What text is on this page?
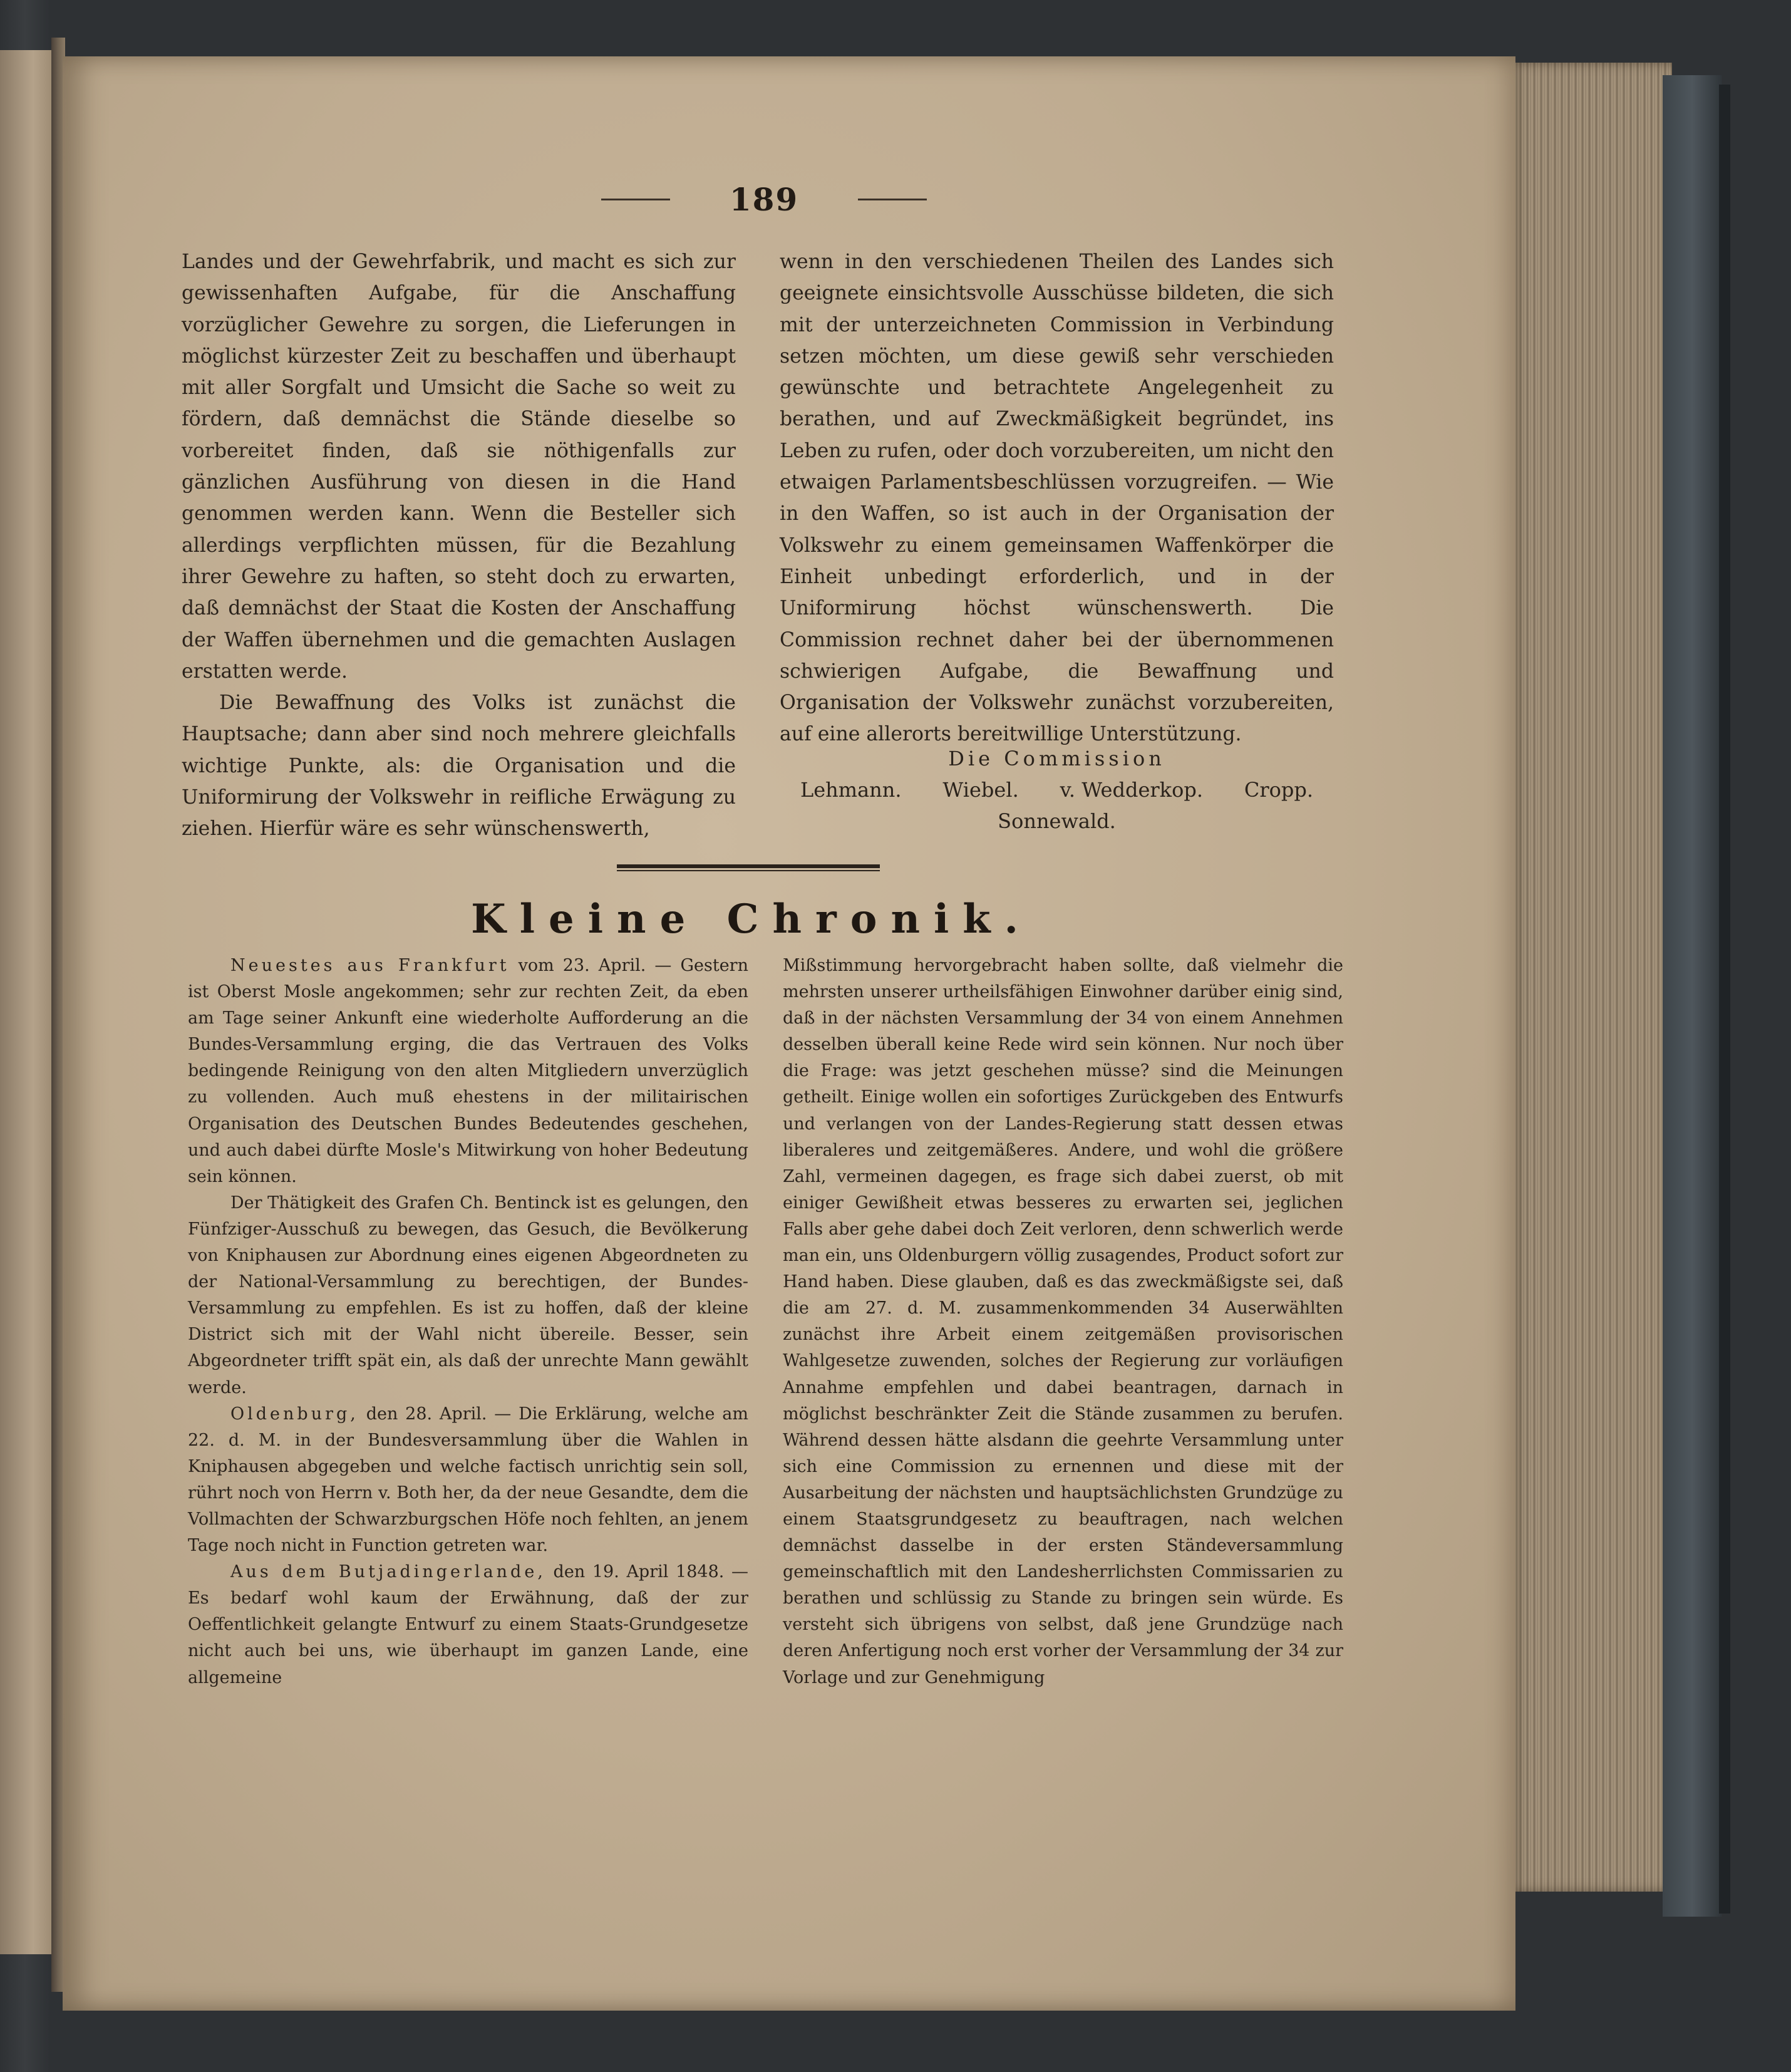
189

Landes und der Gewehrfabrik, und macht es sich zur gewissenhaften Aufgabe, für die Anschaffung vorzüglicher Gewehre zu sorgen, die Lieferungen in möglichst kürzester Zeit zu beschaffen und überhaupt mit aller Sorgfalt und Umsicht die Sache so weit zu fördern, daß demnächst die Stände dieselbe so vorbereitet finden, daß sie nöthigenfalls zur gänzlichen Ausführung von diesen in die Hand genommen werden kann. Wenn die Besteller sich allerdings verpflichten müssen, für die Bezahlung ihrer Gewehre zu haften, so steht doch zu erwarten, daß demnächst der Staat die Kosten der Anschaffung der Waffen übernehmen und die gemachten Auslagen erstatten werde.

Die Bewaffnung des Volks ist zunächst die Hauptsache; dann aber sind noch mehrere gleichfalls wichtige Punkte, als: die Organisation und die Uniformirung der Volkswehr in reifliche Erwägung zu ziehen. Hierfür wäre es sehr wünschenswerth,

wenn in den verschiedenen Theilen des Landes sich geeignete einsichtsvolle Ausschüsse bildeten, die sich mit der unterzeichneten Commission in Verbindung setzen möchten, um diese gewiß sehr verschieden gewünschte und betrachtete Angelegenheit zu berathen, und auf Zweckmäßigkeit begründet, ins Leben zu rufen, oder doch vorzubereiten, um nicht den etwaigen Parlamentsbeschlüssen vorzugreifen. — Wie in den Waffen, so ist auch in der Organisation der Volkswehr zu einem gemeinsamen Waffenkörper die Einheit unbedingt erforderlich, und in der Uniformirung höchst wünschenswerth. Die Commission rechnet daher bei der übernommenen schwierigen Aufgabe, die Bewaffnung und Organisation der Volkswehr zunächst vorzubereiten, auf eine allerorts bereitwillige Unterstützung.

Die Commission
Lehmann. Wiebel. v. Wedderkop. Cropp.
Sonnewald.
Kleine Chronik.

Neuestes aus Frankfurt vom 23. April. — Gestern ist Oberst Mosle angekommen; sehr zur rechten Zeit, da eben am Tage seiner Ankunft eine wiederholte Aufforderung an die Bundes-Versammlung erging, die das Vertrauen des Volks bedingende Reinigung von den alten Mitgliedern unverzüglich zu vollenden. Auch muß ehestens in der militairischen Organisation des Deutschen Bundes Bedeutendes geschehen, und auch dabei dürfte Mosle's Mitwirkung von hoher Bedeutung sein können.

Der Thätigkeit des Grafen Ch. Bentinck ist es gelungen, den Fünfziger-Ausschuß zu bewegen, das Gesuch, die Bevölkerung von Kniphausen zur Abordnung eines eigenen Abgeordneten zu der National-Versammlung zu berechtigen, der Bundes-Versammlung zu empfehlen. Es ist zu hoffen, daß der kleine District sich mit der Wahl nicht übereile. Besser, sein Abgeordneter trifft spät ein, als daß der unrechte Mann gewählt werde.

Oldenburg, den 28. April. — Die Erklärung, welche am 22. d. M. in der Bundesversammlung über die Wahlen in Kniphausen abgegeben und welche factisch unrichtig sein soll, rührt noch von Herrn v. Both her, da der neue Gesandte, dem die Vollmachten der Schwarzburgschen Höfe noch fehlten, an jenem Tage noch nicht in Function getreten war.

Aus dem Butjadingerlande, den 19. April 1848. — Es bedarf wohl kaum der Erwähnung, daß der zur Oeffentlichkeit gelangte Entwurf zu einem Staats-Grundgesetze nicht auch bei uns, wie überhaupt im ganzen Lande, eine allgemeine

Mißstimmung hervorgebracht haben sollte, daß vielmehr die mehrsten unserer urtheilsfähigen Einwohner darüber einig sind, daß in der nächsten Versammlung der 34 von einem Annehmen desselben überall keine Rede wird sein können. Nur noch über die Frage: was jetzt geschehen müsse? sind die Meinungen getheilt. Einige wollen ein sofortiges Zurückgeben des Entwurfs und verlangen von der Landes-Regierung statt dessen etwas liberaleres und zeitgemäßeres. Andere, und wohl die größere Zahl, vermeinen dagegen, es frage sich dabei zuerst, ob mit einiger Gewißheit etwas besseres zu erwarten sei, jeglichen Falls aber gehe dabei doch Zeit verloren, denn schwerlich werde man ein, uns Oldenburgern völlig zusagendes, Product sofort zur Hand haben. Diese glauben, daß es das zweckmäßigste sei, daß die am 27. d. M. zusammenkommenden 34 Auserwählten zunächst ihre Arbeit einem zeitgemäßen provisorischen Wahlgesetze zuwenden, solches der Regierung zur vorläufigen Annahme empfehlen und dabei beantragen, darnach in möglichst beschränkter Zeit die Stände zusammen zu berufen. Während dessen hätte alsdann die geehrte Versammlung unter sich eine Commission zu ernennen und diese mit der Ausarbeitung der nächsten und hauptsächlichsten Grundzüge zu einem Staatsgrundgesetz zu beauftragen, nach welchen demnächst dasselbe in der ersten Ständeversammlung gemeinschaftlich mit den Landesherrlichsten Commissarien zu berathen und schlüssig zu Stande zu bringen sein würde. Es versteht sich übrigens von selbst, daß jene Grundzüge nach deren Anfertigung noch erst vorher der Versammlung der 34 zur Vorlage und zur Genehmigung
